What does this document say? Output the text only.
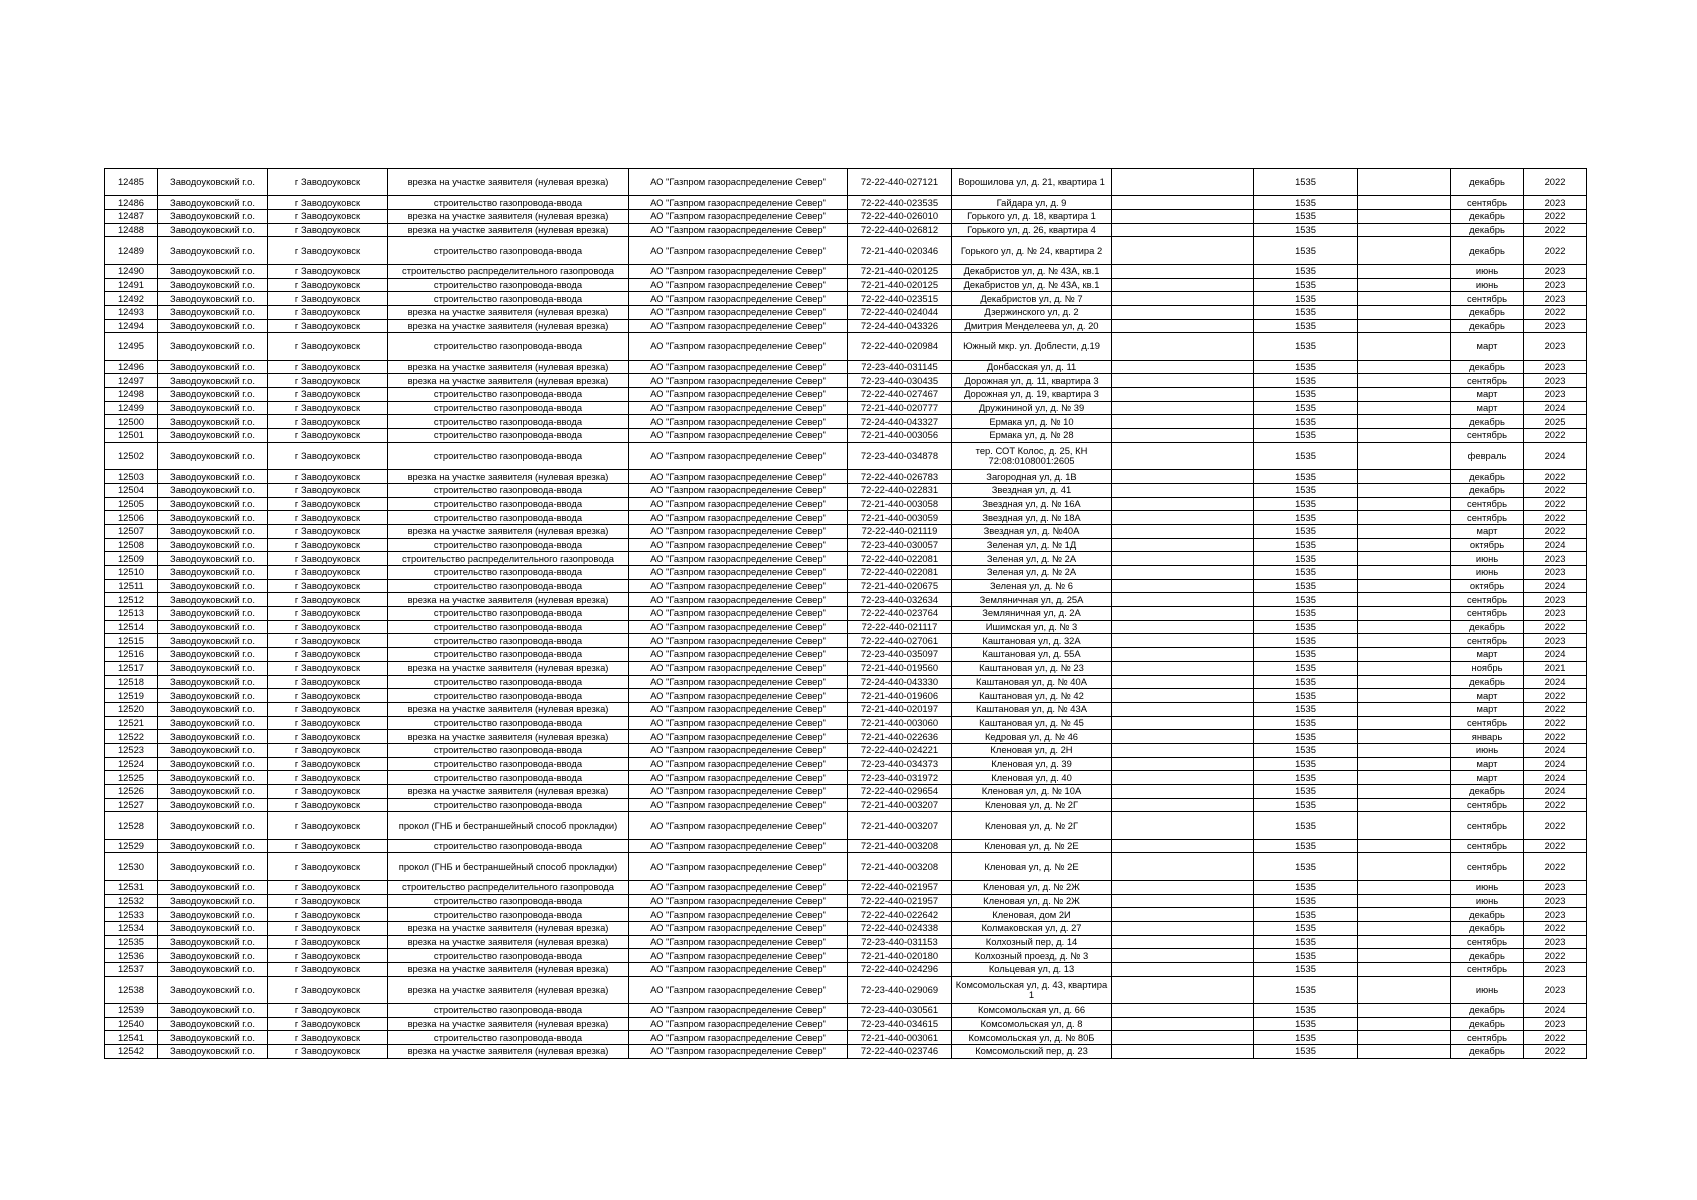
12485	Заводоуковский г.о.	г Заводоуковск	врезка на участке заявителя (нулевая врезка)	АО "Газпром газораспределение Север"	72-22-440-027121	Ворошилова ул, д. 21, квартира 1		1535		декабрь	2022
12486	Заводоуковский г.о.	г Заводоуковск	строительство газопровода-ввода	АО "Газпром газораспределение Север"	72-22-440-023535	Гайдара ул, д. 9		1535		сентябрь	2023
12487	Заводоуковский г.о.	г Заводоуковск	врезка на участке заявителя (нулевая врезка)	АО "Газпром газораспределение Север"	72-22-440-026010	Горького ул, д. 18, квартира 1		1535		декабрь	2022
12488	Заводоуковский г.о.	г Заводоуковск	врезка на участке заявителя (нулевая врезка)	АО "Газпром газораспределение Север"	72-22-440-026812	Горького ул, д. 26, квартира 4		1535		декабрь	2022
12489	Заводоуковский г.о.	г Заводоуковск	строительство газопровода-ввода	АО "Газпром газораспределение Север"	72-21-440-020346	Горького ул, д. № 24, квартира 2		1535		декабрь	2022
12490	Заводоуковский г.о.	г Заводоуковск	строительство распределительного газопровода	АО "Газпром газораспределение Север"	72-21-440-020125	Декабристов ул, д. № 43А, кв.1		1535		июнь	2023
12491	Заводоуковский г.о.	г Заводоуковск	строительство газопровода-ввода	АО "Газпром газораспределение Север"	72-21-440-020125	Декабристов ул, д. № 43А, кв.1		1535		июнь	2023
12492	Заводоуковский г.о.	г Заводоуковск	строительство газопровода-ввода	АО "Газпром газораспределение Север"	72-22-440-023515	Декабристов ул, д. № 7		1535		сентябрь	2023
12493	Заводоуковский г.о.	г Заводоуковск	врезка на участке заявителя (нулевая врезка)	АО "Газпром газораспределение Север"	72-22-440-024044	Дзержинского ул, д. 2		1535		декабрь	2022
12494	Заводоуковский г.о.	г Заводоуковск	врезка на участке заявителя (нулевая врезка)	АО "Газпром газораспределение Север"	72-24-440-043326	Дмитрия Менделеева ул, д. 20		1535		декабрь	2023
12495	Заводоуковский г.о.	г Заводоуковск	строительство газопровода-ввода	АО "Газпром газораспределение Север"	72-22-440-020984	Южный мкр. ул. Доблести, д.19		1535		март	2023
12496	Заводоуковский г.о.	г Заводоуковск	врезка на участке заявителя (нулевая врезка)	АО "Газпром газораспределение Север"	72-23-440-031145	Донбасская ул, д. 11		1535		декабрь	2023
12497	Заводоуковский г.о.	г Заводоуковск	врезка на участке заявителя (нулевая врезка)	АО "Газпром газораспределение Север"	72-23-440-030435	Дорожная ул, д. 11, квартира 3		1535		сентябрь	2023
12498	Заводоуковский г.о.	г Заводоуковск	строительство газопровода-ввода	АО "Газпром газораспределение Север"	72-22-440-027467	Дорожная ул, д. 19, квартира 3		1535		март	2023
12499	Заводоуковский г.о.	г Заводоуковск	строительство газопровода-ввода	АО "Газпром газораспределение Север"	72-21-440-020777	Дружининой ул, д. № 39		1535		март	2024
12500	Заводоуковский г.о.	г Заводоуковск	строительство газопровода-ввода	АО "Газпром газораспределение Север"	72-24-440-043327	Ермака ул, д. № 10		1535		декабрь	2025
12501	Заводоуковский г.о.	г Заводоуковск	строительство газопровода-ввода	АО "Газпром газораспределение Север"	72-21-440-003056	Ермака ул, д. № 28		1535		сентябрь	2022
12502	Заводоуковский г.о.	г Заводоуковск	строительство газопровода-ввода	АО "Газпром газораспределение Север"	72-23-440-034878	тер. СОТ Колос, д. 25, КН 72:08:0108001:2605		1535		февраль	2024
12503	Заводоуковский г.о.	г Заводоуковск	врезка на участке заявителя (нулевая врезка)	АО "Газпром газораспределение Север"	72-22-440-026783	Загородная ул, д. 1В		1535		декабрь	2022
12504	Заводоуковский г.о.	г Заводоуковск	строительство газопровода-ввода	АО "Газпром газораспределение Север"	72-22-440-022831	Звездная ул, д. 41		1535		декабрь	2022
12505	Заводоуковский г.о.	г Заводоуковск	строительство газопровода-ввода	АО "Газпром газораспределение Север"	72-21-440-003058	Звездная ул, д. № 16А		1535		сентябрь	2022
12506	Заводоуковский г.о.	г Заводоуковск	строительство газопровода-ввода	АО "Газпром газораспределение Север"	72-21-440-003059	Звездная ул, д. № 18А		1535		сентябрь	2022
12507	Заводоуковский г.о.	г Заводоуковск	врезка на участке заявителя (нулевая врезка)	АО "Газпром газораспределение Север"	72-22-440-021119	Звездная ул, д. №40А		1535		март	2022
12508	Заводоуковский г.о.	г Заводоуковск	строительство газопровода-ввода	АО "Газпром газораспределение Север"	72-23-440-030057	Зеленая ул, д. № 1Д		1535		октябрь	2024
12509	Заводоуковский г.о.	г Заводоуковск	строительство распределительного газопровода	АО "Газпром газораспределение Север"	72-22-440-022081	Зеленая ул, д. № 2А		1535		июнь	2023
12510	Заводоуковский г.о.	г Заводоуковск	строительство газопровода-ввода	АО "Газпром газораспределение Север"	72-22-440-022081	Зеленая ул, д. № 2А		1535		июнь	2023
12511	Заводоуковский г.о.	г Заводоуковск	строительство газопровода-ввода	АО "Газпром газораспределение Север"	72-21-440-020675	Зеленая ул, д. № 6		1535		октябрь	2024
12512	Заводоуковский г.о.	г Заводоуковск	врезка на участке заявителя (нулевая врезка)	АО "Газпром газораспределение Север"	72-23-440-032634	Земляничная ул, д. 25А		1535		сентябрь	2023
12513	Заводоуковский г.о.	г Заводоуковск	строительство газопровода-ввода	АО "Газпром газораспределение Север"	72-22-440-023764	Земляничная ул, д. 2А		1535		сентябрь	2023
12514	Заводоуковский г.о.	г Заводоуковск	строительство газопровода-ввода	АО "Газпром газораспределение Север"	72-22-440-021117	Ишимская ул, д. № 3		1535		декабрь	2022
12515	Заводоуковский г.о.	г Заводоуковск	строительство газопровода-ввода	АО "Газпром газораспределение Север"	72-22-440-027061	Каштановая ул, д. 32А		1535		сентябрь	2023
12516	Заводоуковский г.о.	г Заводоуковск	строительство газопровода-ввода	АО "Газпром газораспределение Север"	72-23-440-035097	Каштановая ул, д. 55А		1535		март	2024
12517	Заводоуковский г.о.	г Заводоуковск	врезка на участке заявителя (нулевая врезка)	АО "Газпром газораспределение Север"	72-21-440-019560	Каштановая ул, д. № 23		1535		ноябрь	2021
12518	Заводоуковский г.о.	г Заводоуковск	строительство газопровода-ввода	АО "Газпром газораспределение Север"	72-24-440-043330	Каштановая ул, д. № 40А		1535		декабрь	2024
12519	Заводоуковский г.о.	г Заводоуковск	строительство газопровода-ввода	АО "Газпром газораспределение Север"	72-21-440-019606	Каштановая ул, д. № 42		1535		март	2022
12520	Заводоуковский г.о.	г Заводоуковск	врезка на участке заявителя (нулевая врезка)	АО "Газпром газораспределение Север"	72-21-440-020197	Каштановая ул, д. № 43А		1535		март	2022
12521	Заводоуковский г.о.	г Заводоуковск	строительство газопровода-ввода	АО "Газпром газораспределение Север"	72-21-440-003060	Каштановая ул, д. № 45		1535		сентябрь	2022
12522	Заводоуковский г.о.	г Заводоуковск	врезка на участке заявителя (нулевая врезка)	АО "Газпром газораспределение Север"	72-21-440-022636	Кедровая ул, д. № 46		1535		январь	2022
12523	Заводоуковский г.о.	г Заводоуковск	строительство газопровода-ввода	АО "Газпром газораспределение Север"	72-22-440-024221	Кленовая ул, д. 2Н		1535		июнь	2024
12524	Заводоуковский г.о.	г Заводоуковск	строительство газопровода-ввода	АО "Газпром газораспределение Север"	72-23-440-034373	Кленовая ул, д. 39		1535		март	2024
12525	Заводоуковский г.о.	г Заводоуковск	строительство газопровода-ввода	АО "Газпром газораспределение Север"	72-23-440-031972	Кленовая ул, д. 40		1535		март	2024
12526	Заводоуковский г.о.	г Заводоуковск	врезка на участке заявителя (нулевая врезка)	АО "Газпром газораспределение Север"	72-22-440-029654	Кленовая ул, д. № 10А		1535		декабрь	2024
12527	Заводоуковский г.о.	г Заводоуковск	строительство газопровода-ввода	АО "Газпром газораспределение Север"	72-21-440-003207	Кленовая ул, д. № 2Г		1535		сентябрь	2022
12528	Заводоуковский г.о.	г Заводоуковск	прокол (ГНБ и бестраншейный способ прокладки)	АО "Газпром газораспределение Север"	72-21-440-003207	Кленовая ул, д. № 2Г		1535		сентябрь	2022
12529	Заводоуковский г.о.	г Заводоуковск	строительство газопровода-ввода	АО "Газпром газораспределение Север"	72-21-440-003208	Кленовая ул, д. № 2Е		1535		сентябрь	2022
12530	Заводоуковский г.о.	г Заводоуковск	прокол (ГНБ и бестраншейный способ прокладки)	АО "Газпром газораспределение Север"	72-21-440-003208	Кленовая ул, д. № 2Е		1535		сентябрь	2022
12531	Заводоуковский г.о.	г Заводоуковск	строительство распределительного газопровода	АО "Газпром газораспределение Север"	72-22-440-021957	Кленовая ул, д. № 2Ж		1535		июнь	2023
12532	Заводоуковский г.о.	г Заводоуковск	строительство газопровода-ввода	АО "Газпром газораспределение Север"	72-22-440-021957	Кленовая ул, д. № 2Ж		1535		июнь	2023
12533	Заводоуковский г.о.	г Заводоуковск	строительство газопровода-ввода	АО "Газпром газораспределение Север"	72-22-440-022642	Кленовая, дом 2И		1535		декабрь	2023
12534	Заводоуковский г.о.	г Заводоуковск	врезка на участке заявителя (нулевая врезка)	АО "Газпром газораспределение Север"	72-22-440-024338	Колмаковская ул, д. 27		1535		декабрь	2022
12535	Заводоуковский г.о.	г Заводоуковск	врезка на участке заявителя (нулевая врезка)	АО "Газпром газораспределение Север"	72-23-440-031153	Колхозный пер, д. 14		1535		сентябрь	2023
12536	Заводоуковский г.о.	г Заводоуковск	строительство газопровода-ввода	АО "Газпром газораспределение Север"	72-21-440-020180	Колхозный проезд, д. № 3		1535		декабрь	2022
12537	Заводоуковский г.о.	г Заводоуковск	врезка на участке заявителя (нулевая врезка)	АО "Газпром газораспределение Север"	72-22-440-024296	Кольцевая ул, д. 13		1535		сентябрь	2023
12538	Заводоуковский г.о.	г Заводоуковск	врезка на участке заявителя (нулевая врезка)	АО "Газпром газораспределение Север"	72-23-440-029069	Комсомольская ул, д. 43, квартира 1		1535		июнь	2023
12539	Заводоуковский г.о.	г Заводоуковск	строительство газопровода-ввода	АО "Газпром газораспределение Север"	72-23-440-030561	Комсомольская ул, д. 66		1535		декабрь	2024
12540	Заводоуковский г.о.	г Заводоуковск	врезка на участке заявителя (нулевая врезка)	АО "Газпром газораспределение Север"	72-23-440-034615	Комсомольская ул, д. 8		1535		декабрь	2023
12541	Заводоуковский г.о.	г Заводоуковск	строительство газопровода-ввода	АО "Газпром газораспределение Север"	72-21-440-003061	Комсомольская ул, д. № 80Б		1535		сентябрь	2022
12542	Заводоуковский г.о.	г Заводоуковск	врезка на участке заявителя (нулевая врезка)	АО "Газпром газораспределение Север"	72-22-440-023746	Комсомольский пер, д. 23		1535		декабрь	2022
